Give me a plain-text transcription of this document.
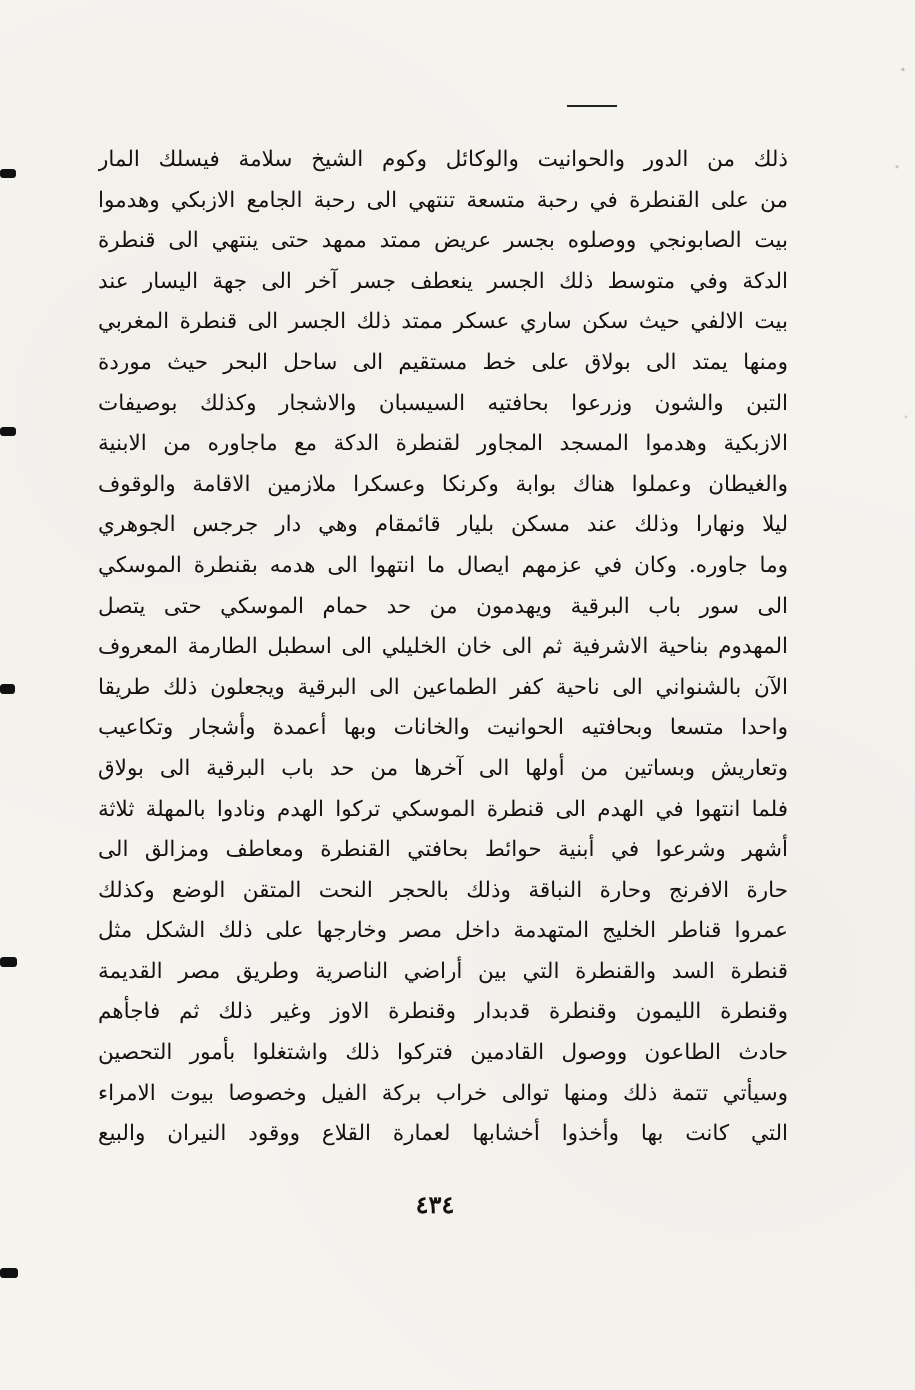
ذلك من الدور والحوانيت والوكائل وكوم الشيخ سلامة فيسلك المار
من على القنطرة في رحبة متسعة تنتهي الى رحبة الجامع الازبكي وهدموا
بيت الصابونجي ووصلوه بجسر عريض ممتد ممهد حتى ينتهي الى قنطرة
الدكة وفي متوسط ذلك الجسر ينعطف جسر آخر الى جهة اليسار عند
بيت الالفي حيث سكن ساري عسكر ممتد ذلك الجسر الى قنطرة المغربي
ومنها يمتد الى بولاق على خط مستقيم الى ساحل البحر حيث موردة
التبن والشون وزرعوا بحافتيه السيسبان والاشجار وكذلك بوصيفات
الازبكية وهدموا المسجد المجاور لقنطرة الدكة مع ماجاوره من الابنية
والغيطان وعملوا هناك بوابة وكرنكا وعسكرا ملازمين الاقامة والوقوف
ليلا ونهارا وذلك عند مسكن بليار قائمقام وهي دار جرجس الجوهري
وما جاوره. وكان في عزمهم ايصال ما انتهوا الى هدمه بقنطرة الموسكي
الى سور باب البرقية ويهدمون من حد حمام الموسكي حتى يتصل
المهدوم بناحية الاشرفية ثم الى خان الخليلي الى اسطبل الطارمة المعروف
الآن بالشنواني الى ناحية كفر الطماعين الى البرقية ويجعلون ذلك طريقا
واحدا متسعا وبحافتيه الحوانيت والخانات وبها أعمدة وأشجار وتكاعيب
وتعاريش وبساتين من أولها الى آخرها من حد باب البرقية الى بولاق
فلما انتهوا في الهدم الى قنطرة الموسكي تركوا الهدم ونادوا بالمهلة ثلاثة
أشهر وشرعوا في أبنية حوائط بحافتي القنطرة ومعاطف ومزالق الى
حارة الافرنج وحارة النباقة وذلك بالحجر النحت المتقن الوضع وكذلك
عمروا قناطر الخليج المتهدمة داخل مصر وخارجها على ذلك الشكل مثل
قنطرة السد والقنطرة التي بين أراضي الناصرية وطريق مصر القديمة
وقنطرة الليمون وقنطرة قدبدار وقنطرة الاوز وغير ذلك ثم فاجأهم
حادث الطاعون ووصول القادمين فتركوا ذلك واشتغلوا بأمور التحصين
وسيأتي تتمة ذلك ومنها توالى خراب بركة الفيل وخصوصا بيوت الامراء
التي كانت بها وأخذوا أخشابها لعمارة القلاع ووقود النيران والبيع
٤٣٤
